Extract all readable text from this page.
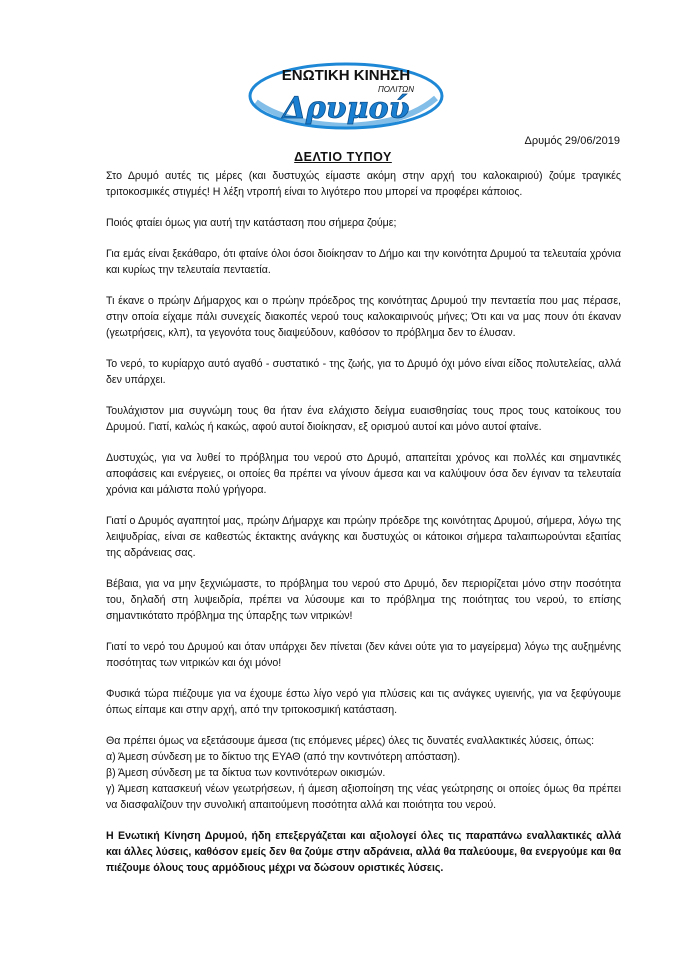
ΕΝΩΤΙΚΗ ΚΙΝΗΣΗ
ΠΟΛΙΤΩΝ
Δρυμού
Δρυμός 29/06/2019
ΔΕΛΤΙΟ ΤΥΠΟΥ

Στο Δρυμό αυτές τις μέρες (και δυστυχώς είμαστε ακόμη στην αρχή του καλοκαιριού) ζούμε τραγικές τριτοκοσμικές στιγμές! Η λέξη ντροπή είναι το λιγότερο που μπορεί να προφέρει κάποιος.

Ποιός φταίει όμως για αυτή την κατάσταση που σήμερα ζούμε;

Για εμάς είναι ξεκάθαρο, ότι φταίνε όλοι όσοι διοίκησαν το Δήμο και την κοινότητα Δρυμού τα τελευταία χρόνια και κυρίως την τελευταία πενταετία.

Τι έκανε ο πρώην Δήμαρχος και ο πρώην πρόεδρος της κοινότητας Δρυμού την πενταετία που μας πέρασε, στην οποία είχαμε πάλι συνεχείς διακοπές νερού τους καλοκαιρινούς μήνες; Ότι και να μας πουν ότι έκαναν (γεωτρήσεις, κλπ), τα γεγονότα τους διαψεύδουν, καθόσον το πρόβλημα δεν το έλυσαν.

Το νερό, το κυρίαρχο αυτό αγαθό - συστατικό - της ζωής, για το Δρυμό όχι μόνο είναι είδος πολυτελείας, αλλά δεν υπάρχει.

Τουλάχιστον μια συγνώμη τους θα ήταν ένα ελάχιστο δείγμα ευαισθησίας τους προς τους κατοίκους του Δρυμού. Γιατί, καλώς ή κακώς, αφού αυτοί διοίκησαν, εξ ορισμού αυτοί και μόνο αυτοί φταίνε.

Δυστυχώς, για να λυθεί το πρόβλημα του νερού στο Δρυμό, απαιτείται χρόνος και πολλές και σημαντικές αποφάσεις και ενέργειες, οι οποίες θα πρέπει να γίνουν άμεσα και να καλύψουν όσα δεν έγιναν τα τελευταία χρόνια και μάλιστα πολύ γρήγορα.

Γιατί ο Δρυμός αγαπητοί μας, πρώην Δήμαρχε και πρώην πρόεδρε της κοινότητας Δρυμού, σήμερα, λόγω της λειψυδρίας, είναι σε καθεστώς έκτακτης ανάγκης και δυστυχώς οι κάτοικοι σήμερα ταλαιπωρούνται εξαιτίας της αδράνειας σας.

Βέβαια, για να μην ξεχνιώμαστε, το πρόβλημα του νερού στο Δρυμό, δεν περιορίζεται μόνο στην ποσότητα του, δηλαδή στη λυψειδρία, πρέπει να λύσουμε και το πρόβλημα της ποιότητας του νερού, το επίσης σημαντικότατο πρόβλημα της ύπαρξης των νιτρικών!

Γιατί το νερό του Δρυμού και όταν υπάρχει δεν πίνεται (δεν κάνει ούτε για το μαγείρεμα) λόγω της αυξημένης ποσότητας των νιτρικών και όχι μόνο!

Φυσικά τώρα πιέζουμε για να έχουμε έστω λίγο νερό για πλύσεις και τις ανάγκες υγιεινής, για να ξεφύγουμε όπως είπαμε και στην αρχή, από την τριτοκοσμική κατάσταση.

Θα πρέπει όμως να εξετάσουμε άμεσα (τις επόμενες μέρες) όλες τις δυνατές εναλλακτικές λύσεις, όπως:

α) Άμεση σύνδεση με το δίκτυο της ΕΥΑΘ (από την κοντινότερη απόσταση).

β) Άμεση σύνδεση με τα δίκτυα των κοντινότερων οικισμών.

γ) Άμεση κατασκευή νέων γεωτρήσεων, ή άμεση αξιοποίηση της νέας γεώτρησης οι οποίες όμως θα πρέπει να διασφαλίζουν την συνολική απαιτούμενη ποσότητα αλλά και ποιότητα του νερού.

Η Ενωτική Κίνηση Δρυμού, ήδη επεξεργάζεται και αξιολογεί όλες τις παραπάνω εναλλακτικές αλλά και άλλες λύσεις, καθόσον εμείς δεν θα ζούμε στην αδράνεια, αλλά θα παλεύουμε, θα ενεργούμε και θα πιέζουμε όλους τους αρμόδιους μέχρι να δώσουν οριστικές λύσεις.
